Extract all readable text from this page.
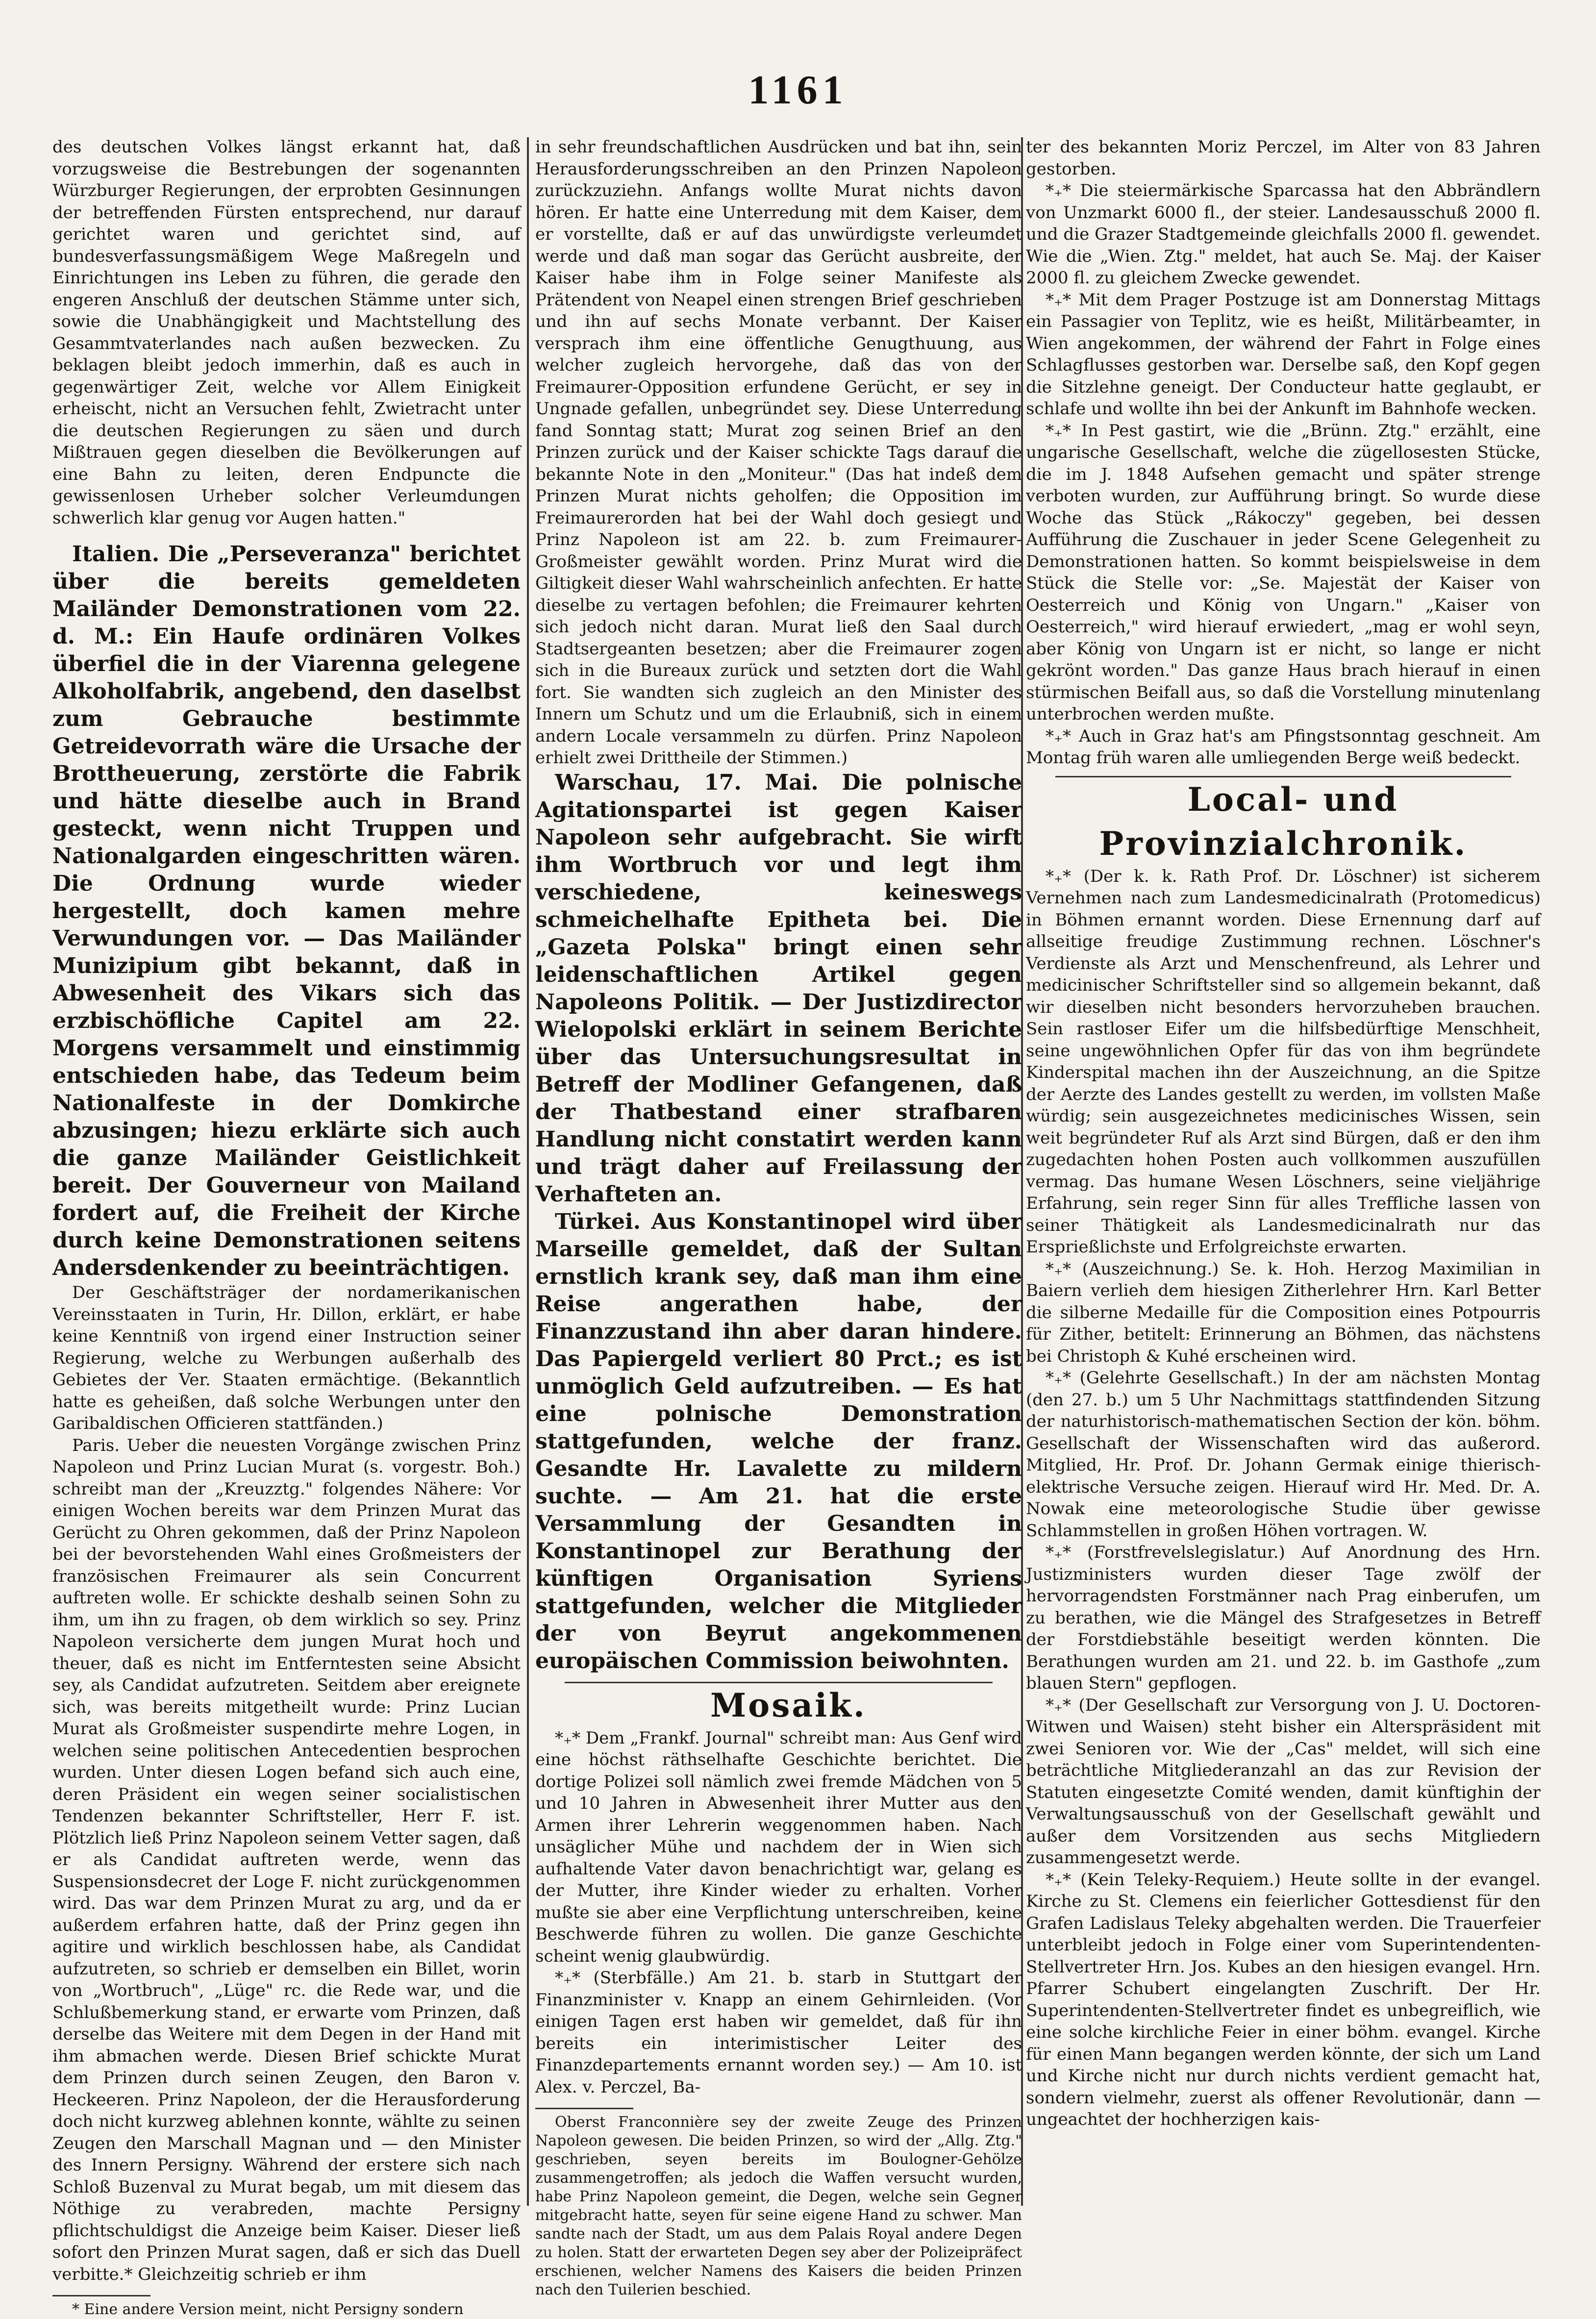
1161

des deutschen Volkes längst erkannt hat, daß vorzugsweise die Bestrebungen der sogenannten Würzburger Regierungen, der erprobten Gesinnungen der betreffenden Fürsten entsprechend, nur darauf gerichtet waren und gerichtet sind, auf bundesverfassungsmäßigem Wege Maßregeln und Einrichtungen ins Leben zu führen, die gerade den engeren Anschluß der deutschen Stämme unter sich, sowie die Unabhängigkeit und Machtstellung des Gesammtvaterlandes nach außen bezwecken. Zu beklagen bleibt jedoch immerhin, daß es auch in gegenwärtiger Zeit, welche vor Allem Einigkeit erheischt, nicht an Versuchen fehlt, Zwietracht unter die deutschen Regierungen zu säen und durch Mißtrauen gegen dieselben die Bevölkerungen auf eine Bahn zu leiten, deren Endpuncte die gewissenlosen Urheber solcher Verleumdungen schwerlich klar genug vor Augen hatten."

Italien. Die „Perseveranza" berichtet über die bereits gemeldeten Mailänder Demonstrationen vom 22. d. M.: Ein Haufe ordinären Volkes überfiel die in der Viarenna gelegene Alkoholfabrik, angebend, den daselbst zum Gebrauche bestimmte Getreidevorrath wäre die Ursache der Brottheuerung, zerstörte die Fabrik und hätte dieselbe auch in Brand gesteckt, wenn nicht Truppen und Nationalgarden eingeschritten wären. Die Ordnung wurde wieder hergestellt, doch kamen mehre Verwundungen vor. — Das Mailänder Munizipium gibt bekannt, daß in Abwesenheit des Vikars sich das erzbischöfliche Capitel am 22. Morgens versammelt und einstimmig entschieden habe, das Tedeum beim Nationalfeste in der Domkirche abzusingen; hiezu erklärte sich auch die ganze Mailänder Geistlichkeit bereit. Der Gouverneur von Mailand fordert auf, die Freiheit der Kirche durch keine Demonstrationen seitens Andersdenkender zu beeinträchtigen.

Der Geschäftsträger der nordamerikanischen Vereinsstaaten in Turin, Hr. Dillon, erklärt, er habe keine Kenntniß von irgend einer Instruction seiner Regierung, welche zu Werbungen außerhalb des Gebietes der Ver. Staaten ermächtige. (Bekanntlich hatte es geheißen, daß solche Werbungen unter den Garibaldischen Officieren stattfänden.)

Paris. Ueber die neuesten Vorgänge zwischen Prinz Napoleon und Prinz Lucian Murat (s. vorgestr. Boh.) schreibt man der „Kreuzztg." folgendes Nähere: Vor einigen Wochen bereits war dem Prinzen Murat das Gerücht zu Ohren gekommen, daß der Prinz Napoleon bei der bevorstehenden Wahl eines Großmeisters der französischen Freimaurer als sein Concurrent auftreten wolle. Er schickte deshalb seinen Sohn zu ihm, um ihn zu fragen, ob dem wirklich so sey. Prinz Napoleon versicherte dem jungen Murat hoch und theuer, daß es nicht im Entferntesten seine Absicht sey, als Candidat aufzutreten. Seitdem aber ereignete sich, was bereits mitgetheilt wurde: Prinz Lucian Murat als Großmeister suspendirte mehre Logen, in welchen seine politischen Antecedentien besprochen wurden. Unter diesen Logen befand sich auch eine, deren Präsident ein wegen seiner socialistischen Tendenzen bekannter Schriftsteller, Herr F. ist. Plötzlich ließ Prinz Napoleon seinem Vetter sagen, daß er als Candidat auftreten werde, wenn das Suspensionsdecret der Loge F. nicht zurückgenommen wird. Das war dem Prinzen Murat zu arg, und da er außerdem erfahren hatte, daß der Prinz gegen ihn agitire und wirklich beschlossen habe, als Candidat aufzutreten, so schrieb er demselben ein Billet, worin von „Wortbruch", „Lüge" rc. die Rede war, und die Schlußbemerkung stand, er erwarte vom Prinzen, daß derselbe das Weitere mit dem Degen in der Hand mit ihm abmachen werde. Diesen Brief schickte Murat dem Prinzen durch seinen Zeugen, den Baron v. Heckeeren. Prinz Napoleon, der die Herausforderung doch nicht kurzweg ablehnen konnte, wählte zu seinen Zeugen den Marschall Magnan und — den Minister des Innern Persigny. Während der erstere sich nach Schloß Buzenval zu Murat begab, um mit diesem das Nöthige zu verabreden, machte Persigny pflichtschuldigst die Anzeige beim Kaiser. Dieser ließ sofort den Prinzen Murat sagen, daß er sich das Duell verbitte.* Gleichzeitig schrieb er ihm

* Eine andere Version meint, nicht Persigny sondern

in sehr freundschaftlichen Ausdrücken und bat ihn, sein Herausforderungsschreiben an den Prinzen Napoleon zurückzuziehn. Anfangs wollte Murat nichts davon hören. Er hatte eine Unterredung mit dem Kaiser, dem er vorstellte, daß er auf das unwürdigste verleumdet werde und daß man sogar das Gerücht ausbreite, der Kaiser habe ihm in Folge seiner Manifeste als Prätendent von Neapel einen strengen Brief geschrieben und ihn auf sechs Monate verbannt. Der Kaiser versprach ihm eine öffentliche Genugthuung, aus welcher zugleich hervorgehe, daß das von der Freimaurer-Opposition erfundene Gerücht, er sey in Ungnade gefallen, unbegründet sey. Diese Unterredung fand Sonntag statt; Murat zog seinen Brief an den Prinzen zurück und der Kaiser schickte Tags darauf die bekannte Note in den „Moniteur." (Das hat indeß dem Prinzen Murat nichts geholfen; die Opposition im Freimaurerorden hat bei der Wahl doch gesiegt und Prinz Napoleon ist am 22. b. zum Freimaurer-Großmeister gewählt worden. Prinz Murat wird die Giltigkeit dieser Wahl wahrscheinlich anfechten. Er hatte dieselbe zu vertagen befohlen; die Freimaurer kehrten sich jedoch nicht daran. Murat ließ den Saal durch Stadtsergeanten besetzen; aber die Freimaurer zogen sich in die Bureaux zurück und setzten dort die Wahl fort. Sie wandten sich zugleich an den Minister des Innern um Schutz und um die Erlaubniß, sich in einem andern Locale versammeln zu dürfen. Prinz Napoleon erhielt zwei Drittheile der Stimmen.)

Warschau, 17. Mai. Die polnische Agitationspartei ist gegen Kaiser Napoleon sehr aufgebracht. Sie wirft ihm Wortbruch vor und legt ihm verschiedene, keineswegs schmeichelhafte Epitheta bei. Die „Gazeta Polska" bringt einen sehr leidenschaftlichen Artikel gegen Napoleons Politik. — Der Justizdirector Wielopolski erklärt in seinem Berichte über das Untersuchungsresultat in Betreff der Modliner Gefangenen, daß der Thatbestand einer strafbaren Handlung nicht constatirt werden kann und trägt daher auf Freilassung der Verhafteten an.

Türkei. Aus Konstantinopel wird über Marseille gemeldet, daß der Sultan ernstlich krank sey, daß man ihm eine Reise angerathen habe, der Finanzzustand ihn aber daran hindere. Das Papiergeld verliert 80 Prct.; es ist unmöglich Geld aufzutreiben. — Es hat eine polnische Demonstration stattgefunden, welche der franz. Gesandte Hr. Lavalette zu mildern suchte. — Am 21. hat die erste Versammlung der Gesandten in Konstantinopel zur Berathung der künftigen Organisation Syriens stattgefunden, welcher die Mitglieder der von Beyrut angekommenen europäischen Commission beiwohnten.

Mosaik.

*₊* Dem „Frankf. Journal" schreibt man: Aus Genf wird eine höchst räthselhafte Geschichte berichtet. Die dortige Polizei soll nämlich zwei fremde Mädchen von 5 und 10 Jahren in Abwesenheit ihrer Mutter aus den Armen ihrer Lehrerin weggenommen haben. Nach unsäglicher Mühe und nachdem der in Wien sich aufhaltende Vater davon benachrichtigt war, gelang es der Mutter, ihre Kinder wieder zu erhalten. Vorher mußte sie aber eine Verpflichtung unterschreiben, keine Beschwerde führen zu wollen. Die ganze Geschichte scheint wenig glaubwürdig.

*₊* (Sterbfälle.) Am 21. b. starb in Stuttgart der Finanzminister v. Knapp an einem Gehirnleiden. (Vor einigen Tagen erst haben wir gemeldet, daß für ihn bereits ein interimistischer Leiter des Finanzdepartements ernannt worden sey.) — Am 10. ist Alex. v. Perczel, Ba-

Oberst Franconnière sey der zweite Zeuge des Prinzen Napoleon gewesen. Die beiden Prinzen, so wird der „Allg. Ztg." geschrieben, seyen bereits im Boulogner-Gehölze zusammengetroffen; als jedoch die Waffen versucht wurden, habe Prinz Napoleon gemeint, die Degen, welche sein Gegner mitgebracht hatte, seyen für seine eigene Hand zu schwer. Man sandte nach der Stadt, um aus dem Palais Royal andere Degen zu holen. Statt der erwarteten Degen sey aber der Polizeipräfect erschienen, welcher Namens des Kaisers die beiden Prinzen nach den Tuilerien beschied.

ter des bekannten Moriz Perczel, im Alter von 83 Jahren gestorben.

*₊* Die steiermärkische Sparcassa hat den Abbrändlern von Unzmarkt 6000 fl., der steier. Landesausschuß 2000 fl. und die Grazer Stadtgemeinde gleichfalls 2000 fl. gewendet. Wie die „Wien. Ztg." meldet, hat auch Se. Maj. der Kaiser 2000 fl. zu gleichem Zwecke gewendet.

*₊* Mit dem Prager Postzuge ist am Donnerstag Mittags ein Passagier von Teplitz, wie es heißt, Militärbeamter, in Wien angekommen, der während der Fahrt in Folge eines Schlagflusses gestorben war. Derselbe saß, den Kopf gegen die Sitzlehne geneigt. Der Conducteur hatte geglaubt, er schlafe und wollte ihn bei der Ankunft im Bahnhofe wecken.

*₊* In Pest gastirt, wie die „Brünn. Ztg." erzählt, eine ungarische Gesellschaft, welche die zügellosesten Stücke, die im J. 1848 Aufsehen gemacht und später strenge verboten wurden, zur Aufführung bringt. So wurde diese Woche das Stück „Rákoczy" gegeben, bei dessen Aufführung die Zuschauer in jeder Scene Gelegenheit zu Demonstrationen hatten. So kommt beispielsweise in dem Stück die Stelle vor: „Se. Majestät der Kaiser von Oesterreich und König von Ungarn." „Kaiser von Oesterreich," wird hierauf erwiedert, „mag er wohl seyn, aber König von Ungarn ist er nicht, so lange er nicht gekrönt worden." Das ganze Haus brach hierauf in einen stürmischen Beifall aus, so daß die Vorstellung minutenlang unterbrochen werden mußte.

*₊* Auch in Graz hat's am Pfingstsonntag geschneit. Am Montag früh waren alle umliegenden Berge weiß bedeckt.

Local- und Provinzialchronik.

*₊* (Der k. k. Rath Prof. Dr. Löschner) ist sicherem Vernehmen nach zum Landesmedicinalrath (Protomedicus) in Böhmen ernannt worden. Diese Ernennung darf auf allseitige freudige Zustimmung rechnen. Löschner's Verdienste als Arzt und Menschenfreund, als Lehrer und medicinischer Schriftsteller sind so allgemein bekannt, daß wir dieselben nicht besonders hervorzuheben brauchen. Sein rastloser Eifer um die hilfsbedürftige Menschheit, seine ungewöhnlichen Opfer für das von ihm begründete Kinderspital machen ihn der Auszeichnung, an die Spitze der Aerzte des Landes gestellt zu werden, im vollsten Maße würdig; sein ausgezeichnetes medicinisches Wissen, sein weit begründeter Ruf als Arzt sind Bürgen, daß er den ihm zugedachten hohen Posten auch vollkommen auszufüllen vermag. Das humane Wesen Löschners, seine vieljährige Erfahrung, sein reger Sinn für alles Treffliche lassen von seiner Thätigkeit als Landesmedicinalrath nur das Ersprießlichste und Erfolgreichste erwarten.

*₊* (Auszeichnung.) Se. k. Hoh. Herzog Maximilian in Baiern verlieh dem hiesigen Zitherlehrer Hrn. Karl Better die silberne Medaille für die Composition eines Potpourris für Zither, betitelt: Erinnerung an Böhmen, das nächstens bei Christoph & Kuhé erscheinen wird.

*₊* (Gelehrte Gesellschaft.) In der am nächsten Montag (den 27. b.) um 5 Uhr Nachmittags stattfindenden Sitzung der naturhistorisch-mathematischen Section der kön. böhm. Gesellschaft der Wissenschaften wird das außerord. Mitglied, Hr. Prof. Dr. Johann Germak einige thierisch-elektrische Versuche zeigen. Hierauf wird Hr. Med. Dr. A. Nowak eine meteorologische Studie über gewisse Schlammstellen in großen Höhen vortragen. W.

*₊* (Forstfrevelslegislatur.) Auf Anordnung des Hrn. Justizministers wurden dieser Tage zwölf der hervorragendsten Forstmänner nach Prag einberufen, um zu berathen, wie die Mängel des Strafgesetzes in Betreff der Forstdiebstähle beseitigt werden könnten. Die Berathungen wurden am 21. und 22. b. im Gasthofe „zum blauen Stern" gepflogen.

*₊* (Der Gesellschaft zur Versorgung von J. U. Doctoren-Witwen und Waisen) steht bisher ein Alterspräsident mit zwei Senioren vor. Wie der „Cas" meldet, will sich eine beträchtliche Mitgliederanzahl an das zur Revision der Statuten eingesetzte Comité wenden, damit künftighin der Verwaltungsausschuß von der Gesellschaft gewählt und außer dem Vorsitzenden aus sechs Mitgliedern zusammengesetzt werde.

*₊* (Kein Teleky-Requiem.) Heute sollte in der evangel. Kirche zu St. Clemens ein feierlicher Gottesdienst für den Grafen Ladislaus Teleky abgehalten werden. Die Trauerfeier unterbleibt jedoch in Folge einer vom Superintendenten-Stellvertreter Hrn. Jos. Kubes an den hiesigen evangel. Hrn. Pfarrer Schubert eingelangten Zuschrift. Der Hr. Superintendenten-Stellvertreter findet es unbegreiflich, wie eine solche kirchliche Feier in einer böhm. evangel. Kirche für einen Mann begangen werden könnte, der sich um Land und Kirche nicht nur durch nichts verdient gemacht hat, sondern vielmehr, zuerst als offener Revolutionär, dann — ungeachtet der hochherzigen kais-
